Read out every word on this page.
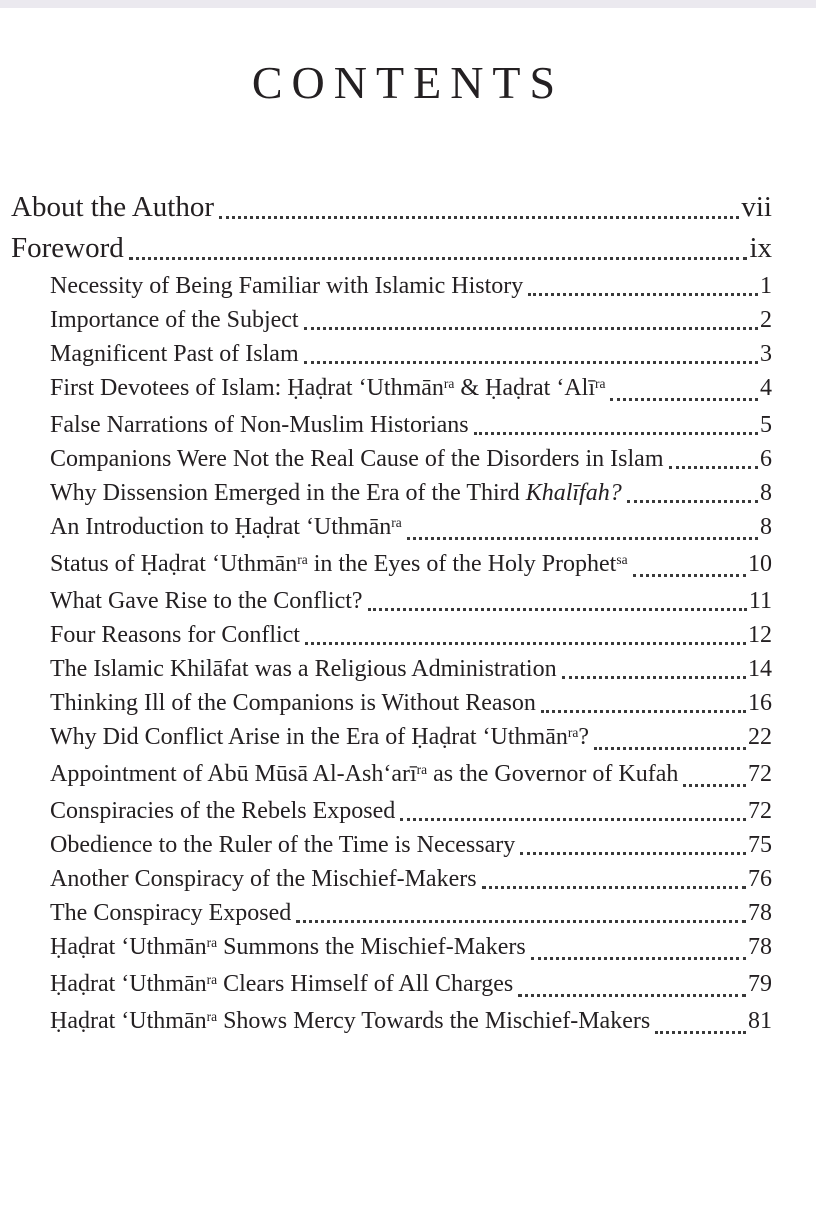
CONTENTS
About the Author	vii
Foreword	ix
Necessity of Being Familiar with Islamic History	1
Importance of the Subject	2
Magnificent Past of Islam	3
First Devotees of Islam: Ḥaḍrat ‘Uthmān$^{ra}$ & Ḥaḍrat ‘Alī$^{ra}$	4
False Narrations of Non-Muslim Historians	5
Companions Were Not the Real Cause of the Disorders in Islam	6
Why Dissension Emerged in the Era of the Third Khalīfah?	8
An Introduction to Ḥaḍrat ‘Uthmān$^{ra}$	8
Status of Ḥaḍrat ‘Uthmān$^{ra}$ in the Eyes of the Holy Prophet$^{sa}$	10
What Gave Rise to the Conflict?	11
Four Reasons for Conflict	12
The Islamic Khilāfat was a Religious Administration	14
Thinking Ill of the Companions is Without Reason	16
Why Did Conflict Arise in the Era of Ḥaḍrat ‘Uthmān$^{ra}$?	22
Appointment of Abū Mūsā Al-Ash‘arī$^{ra}$ as the Governor of Kufah	72
Conspiracies of the Rebels Exposed	72
Obedience to the Ruler of the Time is Necessary	75
Another Conspiracy of the Mischief-Makers	76
The Conspiracy Exposed	78
Ḥaḍrat ‘Uthmān$^{ra}$ Summons the Mischief-Makers	78
Ḥaḍrat ‘Uthmān$^{ra}$ Clears Himself of All Charges	79
Ḥaḍrat ‘Uthmān$^{ra}$ Shows Mercy Towards the Mischief-Makers	81
